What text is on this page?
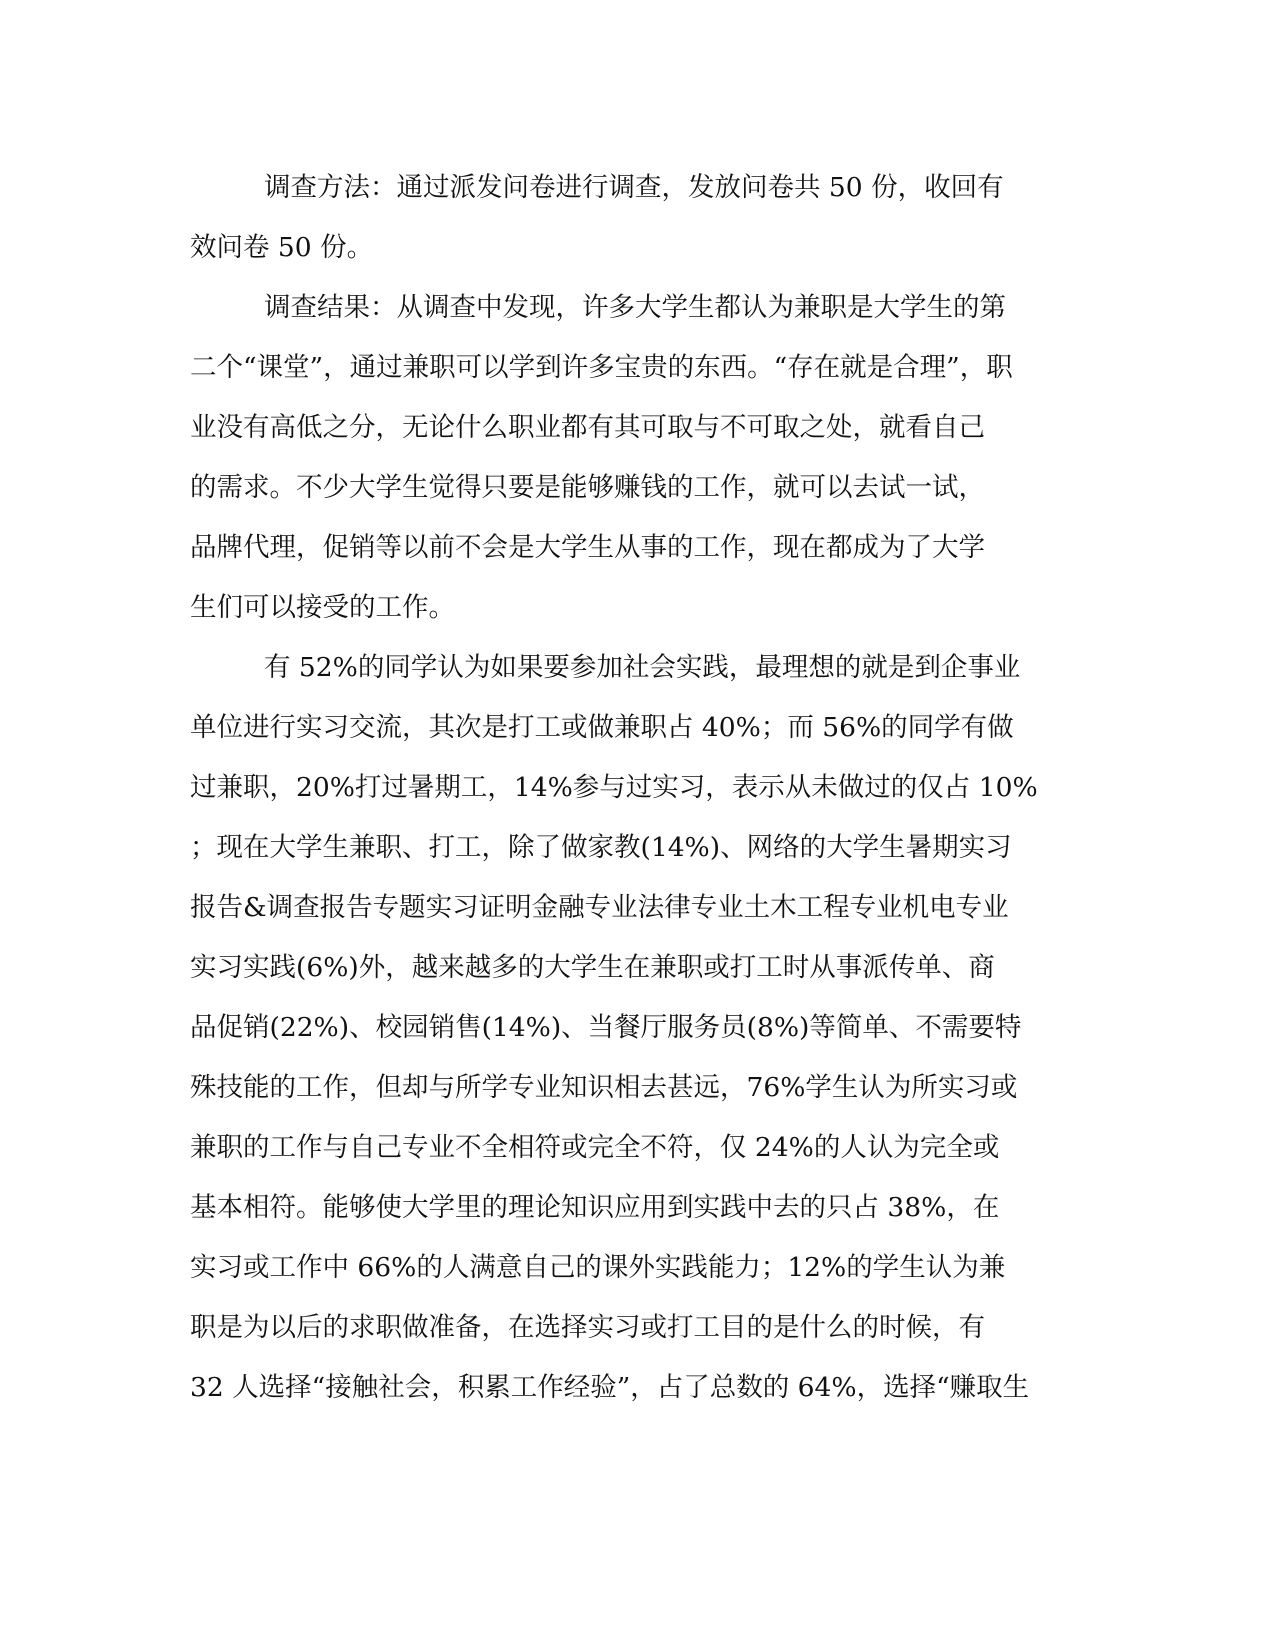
调查方法：通过派发问卷进行调查，发放问卷共 50 份，收回有
效问卷 50 份。
调查结果：从调查中发现，许多大学生都认为兼职是大学生的第
二个“课堂”，通过兼职可以学到许多宝贵的东西。“存在就是合理”，职
业没有高低之分，无论什么职业都有其可取与不可取之处，就看自己
的需求。不少大学生觉得只要是能够赚钱的工作，就可以去试一试，
品牌代理，促销等以前不会是大学生从事的工作，现在都成为了大学
生们可以接受的工作。
有 52%的同学认为如果要参加社会实践，最理想的就是到企事业
单位进行实习交流，其次是打工或做兼职占 40%；而 56%的同学有做
过兼职，20%打过暑期工，14%参与过实习，表示从未做过的仅占 10%
；现在大学生兼职、打工，除了做家教(14%)、网络的大学生暑期实习
报告&调查报告专题实习证明金融专业法律专业土木工程专业机电专业
实习实践(6%)外，越来越多的大学生在兼职或打工时从事派传单、商
品促销(22%)、校园销售(14%)、当餐厅服务员(8%)等简单、不需要特
殊技能的工作，但却与所学专业知识相去甚远，76%学生认为所实习或
兼职的工作与自己专业不全相符或完全不符，仅 24%的人认为完全或
基本相符。能够使大学里的理论知识应用到实践中去的只占 38%，在
实习或工作中 66%的人满意自己的课外实践能力；12%的学生认为兼
职是为以后的求职做准备，在选择实习或打工目的是什么的时候，有
32 人选择“接触社会，积累工作经验”，占了总数的 64%，选择“赚取生
